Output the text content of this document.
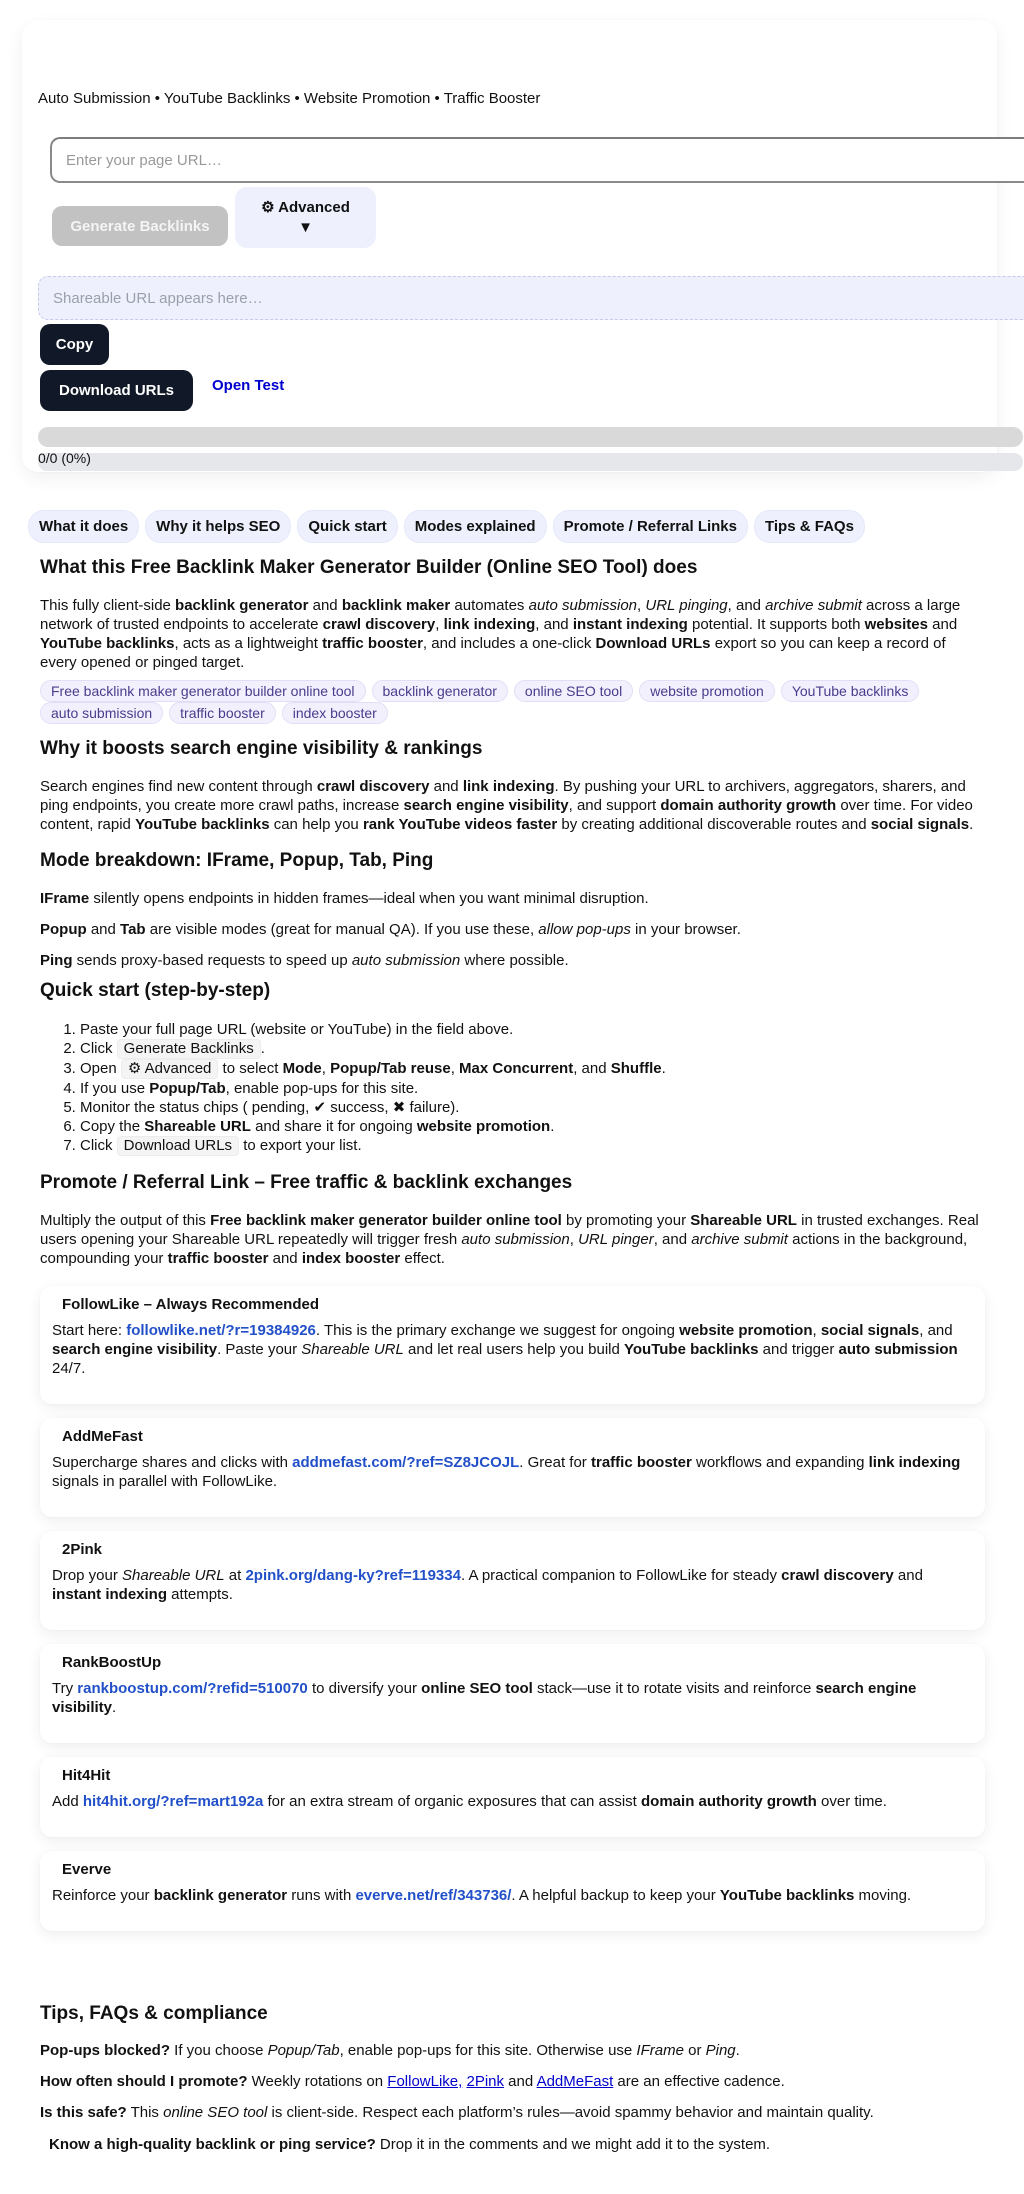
Auto Submission • YouTube Backlinks • Website Promotion • Traffic Booster
Enter your page URL…
Generate Backlinks
⚙ Advanced
▼
Shareable URL appears here…
Copy
Download URLs	Open Test
0/0 (0%)
What it does	Why it helps SEO	Quick start	Modes explained	Promote / Referral Links	Tips & FAQs
What this Free Backlink Maker Generator Builder (Online SEO Tool) does

This fully client-side backlink generator and backlink maker automates auto submission, URL pinging, and archive submit across a large network of trusted endpoints to accelerate crawl discovery, link indexing, and instant indexing potential. It supports both websites and YouTube backlinks, acts as a lightweight traffic booster, and includes a one-click Download URLs export so you can keep a record of every opened or pinged target.

Free backlink maker generator builder online tool	backlink generator	online SEO tool	website promotion	YouTube backlinks
auto submission	traffic booster	index booster
Why it boosts search engine visibility & rankings

Search engines find new content through crawl discovery and link indexing. By pushing your URL to archivers, aggregators, sharers, and ping endpoints, you create more crawl paths, increase search engine visibility, and support domain authority growth over time. For video content, rapid YouTube backlinks can help you rank YouTube videos faster by creating additional discoverable routes and social signals.

Mode breakdown: IFrame, Popup, Tab, Ping

IFrame silently opens endpoints in hidden frames—ideal when you want minimal disruption.

Popup and Tab are visible modes (great for manual QA). If you use these, allow pop-ups in your browser.

Ping sends proxy-based requests to speed up auto submission where possible.

Quick start (step-by-step)
1. Paste your full page URL (website or YouTube) in the field above.
2. Click Generate Backlinks .
3. Open ⚙ Advanced to select Mode, Popup/Tab reuse, Max Concurrent, and Shuffle.
4. If you use Popup/Tab, enable pop-ups for this site.
5. Monitor the status chips ( pending, ✔ success, ✖ failure).
6. Copy the Shareable URL and share it for ongoing website promotion.
7. Click Download URLs to export your list.
Promote / Referral Link – Free traffic & backlink exchanges

Multiply the output of this Free backlink maker generator builder online tool by promoting your Shareable URL in trusted exchanges. Real users opening your Shareable URL repeatedly will trigger fresh auto submission, URL pinger, and archive submit actions in the background, compounding your traffic booster and index booster effect.

FollowLike – Always Recommended

Start here: followlike.net/?r=19384926. This is the primary exchange we suggest for ongoing website promotion, social signals, and search engine visibility. Paste your Shareable URL and let real users help you build YouTube backlinks and trigger auto submission 24/7.

AddMeFast

Supercharge shares and clicks with addmefast.com/?ref=SZ8JCOJL. Great for traffic booster workflows and expanding link indexing signals in parallel with FollowLike.

2Pink

Drop your Shareable URL at 2pink.org/dang-ky?ref=119334. A practical companion to FollowLike for steady crawl discovery and instant indexing attempts.

RankBoostUp

Try rankboostup.com/?refid=510070 to diversify your online SEO tool stack—use it to rotate visits and reinforce search engine visibility.

Hit4Hit

Add hit4hit.org/?ref=mart192a for an extra stream of organic exposures that can assist domain authority growth over time.

Everve

Reinforce your backlink generator runs with everve.net/ref/343736/. A helpful backup to keep your YouTube backlinks moving.

Tips, FAQs & compliance

Pop-ups blocked? If you choose Popup/Tab, enable pop-ups for this site. Otherwise use IFrame or Ping.

How often should I promote? Weekly rotations on FollowLike, 2Pink and AddMeFast are an effective cadence.

Is this safe? This online SEO tool is client-side. Respect each platform’s rules—avoid spammy behavior and maintain quality.

Know a high-quality backlink or ping service? Drop it in the comments and we might add it to the system.
